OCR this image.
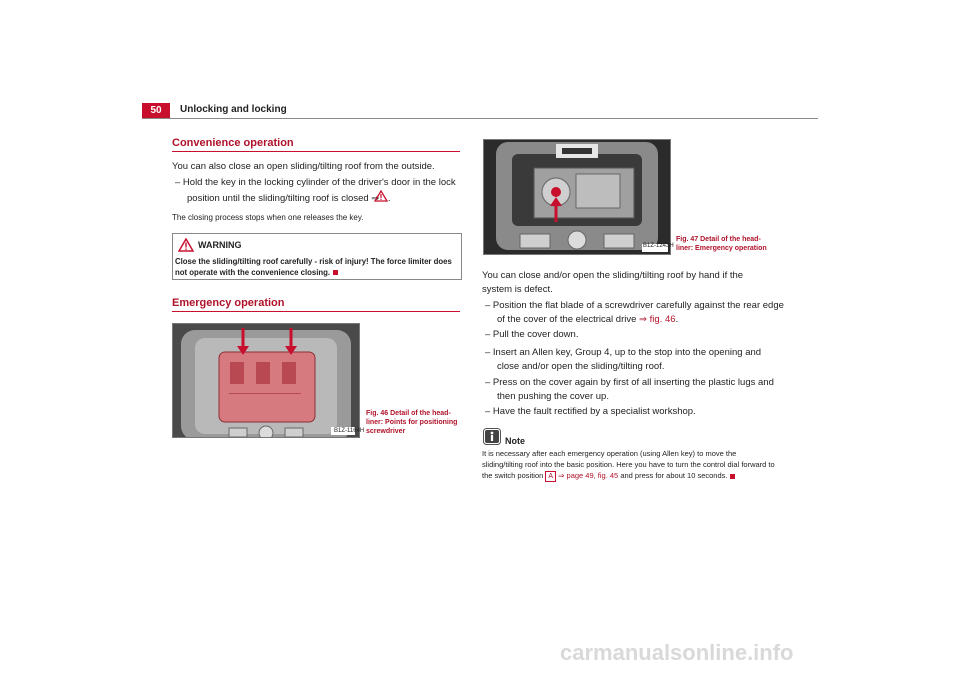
50	Unlocking and locking
Convenience operation
You can also close an open sliding/tilting roof from the outside.
– Hold the key in the locking cylinder of the driver's door in the lock position until the sliding/tilting roof is closed ⇒ .
The closing process stops when one releases the key.
WARNING
Close the sliding/tilting roof carefully - risk of injury! The force limiter does not operate with the convenience closing.
Emergency operation
B1Z-1164H
Fig. 46 Detail of the head-liner: Points for positioning screwdriver
B1Z-1243H
Fig. 47 Detail of the head-liner: Emergency operation
You can close and/or open the sliding/tilting roof by hand if the system is defect.
– Position the flat blade of a screwdriver carefully against the rear edge of the cover of the electrical drive ⇒ fig. 46.
– Pull the cover down.
– Insert an Allen key, Group 4, up to the stop into the opening and close and/or open the sliding/tilting roof.
– Press on the cover again by first of all inserting the plastic lugs and then pushing the cover up.
– Have the fault rectified by a specialist workshop.
Note
It is necessary after each emergency operation (using Allen key) to move the sliding/tilting roof into the basic position. Here you have to turn the control dial forward to the switch position A ⇒ page 49, fig. 45 and press for about 10 seconds.
carmanualsonline.info
